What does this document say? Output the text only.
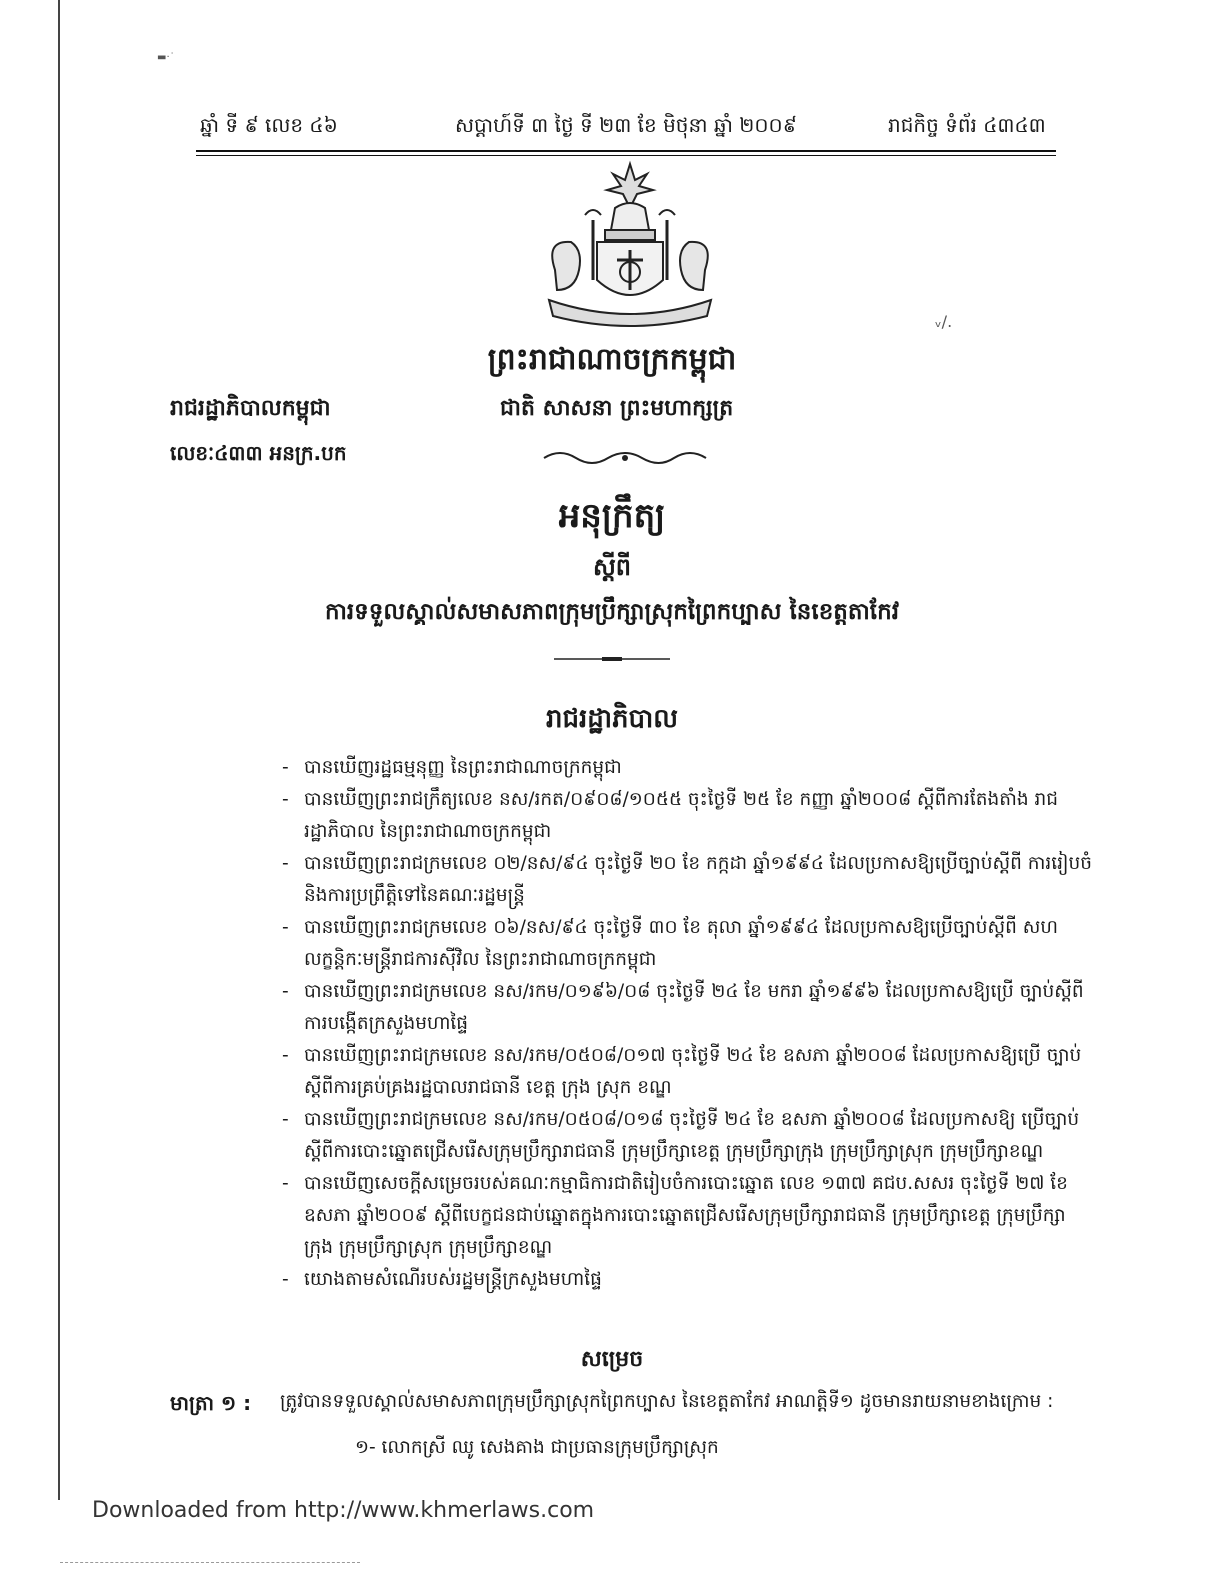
▬·˙
ឆ្នាំ ទី ៩ លេខ ៤៦	សប្តាហ៍ទី ៣ ថ្ងៃ ទី ២៣ ខែ មិថុនា ឆ្នាំ ២០០៩	រាជកិច្ច ទំព័រ ៤៣៤៣
ᵥ/.
ព្រះរាជាណាចក្រកម្ពុជា
រាជរដ្ឋាភិបាលកម្ពុជា	ជាតិ សាសនា ព្រះមហាក្សត្រ
លេខៈ៤៣៣ អនក្រ.បក
អនុក្រឹត្យ
ស្តីពី
ការទទួលស្គាល់សមាសភាពក្រុមប្រឹក្សាស្រុកព្រៃកប្បាស នៃខេត្តតាកែវ
រាជរដ្ឋាភិបាល

- បានឃើញរដ្ឋធម្មនុញ្ញ នៃព្រះរាជាណាចក្រកម្ពុជា

- បានឃើញព្រះរាជក្រឹត្យលេខ នស/រកត/០៩០៨/១០៥៥ ចុះថ្ងៃទី ២៥ ខែ កញ្ញា ឆ្នាំ២០០៨ ស្តីពីការតែងតាំង រាជរដ្ឋាភិបាល នៃព្រះរាជាណាចក្រកម្ពុជា

- បានឃើញព្រះរាជក្រមលេខ ០២/នស/៩៤ ចុះថ្ងៃទី ២០ ខែ កក្កដា ឆ្នាំ១៩៩៤ ដែលប្រកាសឱ្យប្រើច្បាប់ស្តីពី ការរៀបចំ និងការប្រព្រឹត្តិទៅនៃគណៈរដ្ឋមន្ត្រី

- បានឃើញព្រះរាជក្រមលេខ ០៦/នស/៩៤ ចុះថ្ងៃទី ៣០ ខែ តុលា ឆ្នាំ១៩៩៤ ដែលប្រកាសឱ្យប្រើច្បាប់ស្តីពី សហលក្ខន្តិកៈមន្ត្រីរាជការស៊ីវិល នៃព្រះរាជាណាចក្រកម្ពុជា

- បានឃើញព្រះរាជក្រមលេខ នស/រកម/០១៩៦/០៨ ចុះថ្ងៃទី ២៤ ខែ មករា ឆ្នាំ១៩៩៦ ដែលប្រកាសឱ្យប្រើ ច្បាប់ស្តីពីការបង្កើតក្រសួងមហាផ្ទៃ

- បានឃើញព្រះរាជក្រមលេខ នស/រកម/០៥០៨/០១៧ ចុះថ្ងៃទី ២៤ ខែ ឧសភា ឆ្នាំ២០០៨ ដែលប្រកាសឱ្យប្រើ ច្បាប់ស្តីពីការគ្រប់គ្រងរដ្ឋបាលរាជធានី ខេត្ត ក្រុង ស្រុក ខណ្ឌ

- បានឃើញព្រះរាជក្រមលេខ នស/រកម/០៥០៨/០១៨ ចុះថ្ងៃទី ២៤ ខែ ឧសភា ឆ្នាំ២០០៨ ដែលប្រកាសឱ្យ ប្រើច្បាប់ស្តីពីការបោះឆ្នោតជ្រើសរើសក្រុមប្រឹក្សារាជធានី ក្រុមប្រឹក្សាខេត្ត ក្រុមប្រឹក្សាក្រុង ក្រុមប្រឹក្សាស្រុក ក្រុមប្រឹក្សាខណ្ឌ

- បានឃើញសេចក្តីសម្រេចរបស់គណៈកម្មាធិការជាតិរៀបចំការបោះឆ្នោត លេខ ១៣៧ គជប.សសរ ចុះថ្ងៃទី ២៧ ខែ ឧសភា ឆ្នាំ២០០៩ ស្តីពីបេក្ខជនជាប់ឆ្នោតក្នុងការបោះឆ្នោតជ្រើសរើសក្រុមប្រឹក្សារាជធានី ក្រុមប្រឹក្សាខេត្ត ក្រុមប្រឹក្សាក្រុង ក្រុមប្រឹក្សាស្រុក ក្រុមប្រឹក្សាខណ្ឌ

- យោងតាមសំណើរបស់រដ្ឋមន្ត្រីក្រសួងមហាផ្ទៃ

សម្រេច
មាត្រា ១ : ត្រូវបានទទួលស្គាល់សមាសភាពក្រុមប្រឹក្សាស្រុកព្រៃកប្បាស នៃខេត្តតាកែវ អាណត្តិទី១ ដូចមានរាយនាមខាងក្រោម :
១- លោកស្រី ឈូ សេងគាង ជាប្រធានក្រុមប្រឹក្សាស្រុក
Downloaded from http://www.khmerlaws.com
